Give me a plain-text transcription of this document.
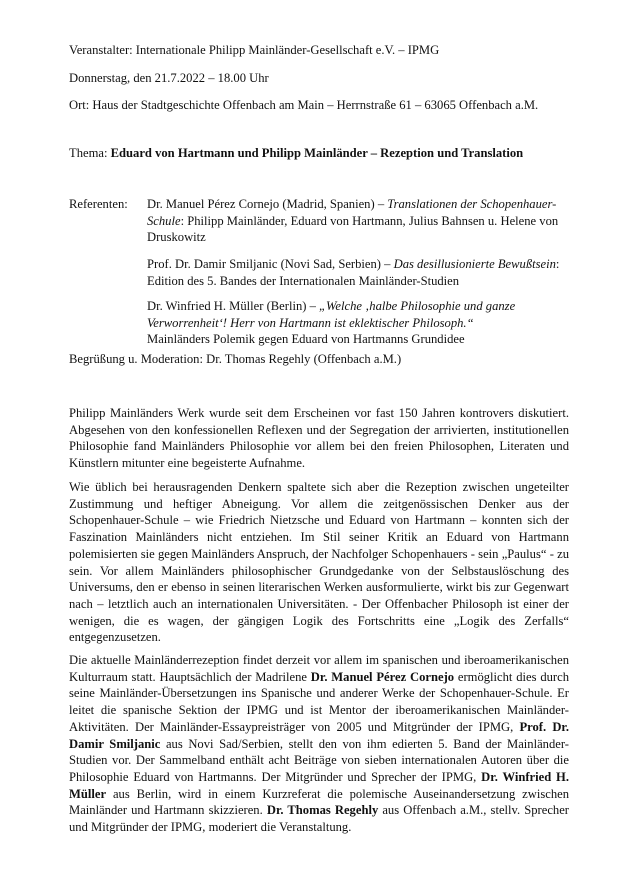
Veranstalter: Internationale Philipp Mainländer-Gesellschaft e.V. – IPMG
Donnerstag, den 21.7.2022 – 18.00 Uhr
Ort: Haus der Stadtgeschichte Offenbach am Main – Herrnstraße 61 – 63065 Offenbach a.M.
Thema: Eduard von Hartmann und Philipp Mainländer – Rezeption und Translation
Referenten: Dr. Manuel Pérez Cornejo (Madrid, Spanien) – Translationen der Schopenhauer-Schule: Philipp Mainländer, Eduard von Hartmann, Julius Bahnsen u. Helene von Druskowitz
Prof. Dr. Damir Smiljanic (Novi Sad, Serbien) – Das desillusionierte Bewußtsein: Edition des 5. Bandes der Internationalen Mainländer-Studien
Dr. Winfried H. Müller (Berlin) – „Welche ‚halbe Philosophie und ganze Verworrenheit‘! Herr von Hartmann ist eklektischer Philosoph.“
Mainländers Polemik gegen Eduard von Hartmanns Grundidee
Begrüßung u. Moderation: Dr. Thomas Regehly (Offenbach a.M.)

Philipp Mainländers Werk wurde seit dem Erscheinen vor fast 150 Jahren kontrovers diskutiert. Abgesehen von den konfessionellen Reflexen und der Segregation der arrivierten, institutionellen Philosophie fand Mainländers Philosophie vor allem bei den freien Philosophen, Literaten und Künstlern mitunter eine begeisterte Aufnahme.

Wie üblich bei herausragenden Denkern spaltete sich aber die Rezeption zwischen ungeteilter Zustimmung und heftiger Abneigung. Vor allem die zeitgenössischen Denker aus der Schopenhauer-Schule – wie Friedrich Nietzsche und Eduard von Hartmann – konnten sich der Faszination Mainländers nicht entziehen. Im Stil seiner Kritik an Eduard von Hartmann polemisierten sie gegen Mainländers Anspruch, der Nachfolger Schopenhauers - sein „Paulus“ - zu sein. Vor allem Mainländers philosophischer Grundgedanke von der Selbstauslöschung des Universums, den er ebenso in seinen literarischen Werken ausformulierte, wirkt bis zur Gegenwart nach – letztlich auch an internationalen Universitäten. - Der Offenbacher Philosoph ist einer der wenigen, die es wagen, der gängigen Logik des Fortschritts eine „Logik des Zerfalls“ entgegenzusetzen.

Die aktuelle Mainländerrezeption findet derzeit vor allem im spanischen und iberoamerikanischen Kulturraum statt. Hauptsächlich der Madrilene Dr. Manuel Pérez Cornejo ermöglicht dies durch seine Mainländer-Übersetzungen ins Spanische und anderer Werke der Schopenhauer-Schule. Er leitet die spanische Sektion der IPMG und ist Mentor der iberoamerikanischen Mainländer-Aktivitäten. Der Mainländer-Essaypreisträger von 2005 und Mitgründer der IPMG, Prof. Dr. Damir Smiljanic aus Novi Sad/Serbien, stellt den von ihm edierten 5. Band der Mainländer-Studien vor. Der Sammelband enthält acht Beiträge von sieben internationalen Autoren über die Philosophie Eduard von Hartmanns. Der Mitgründer und Sprecher der IPMG, Dr. Winfried H. Müller aus Berlin, wird in einem Kurzreferat die polemische Auseinandersetzung zwischen Mainländer und Hartmann skizzieren. Dr. Thomas Regehly aus Offenbach a.M., stellv. Sprecher und Mitgründer der IPMG, moderiert die Veranstaltung.
